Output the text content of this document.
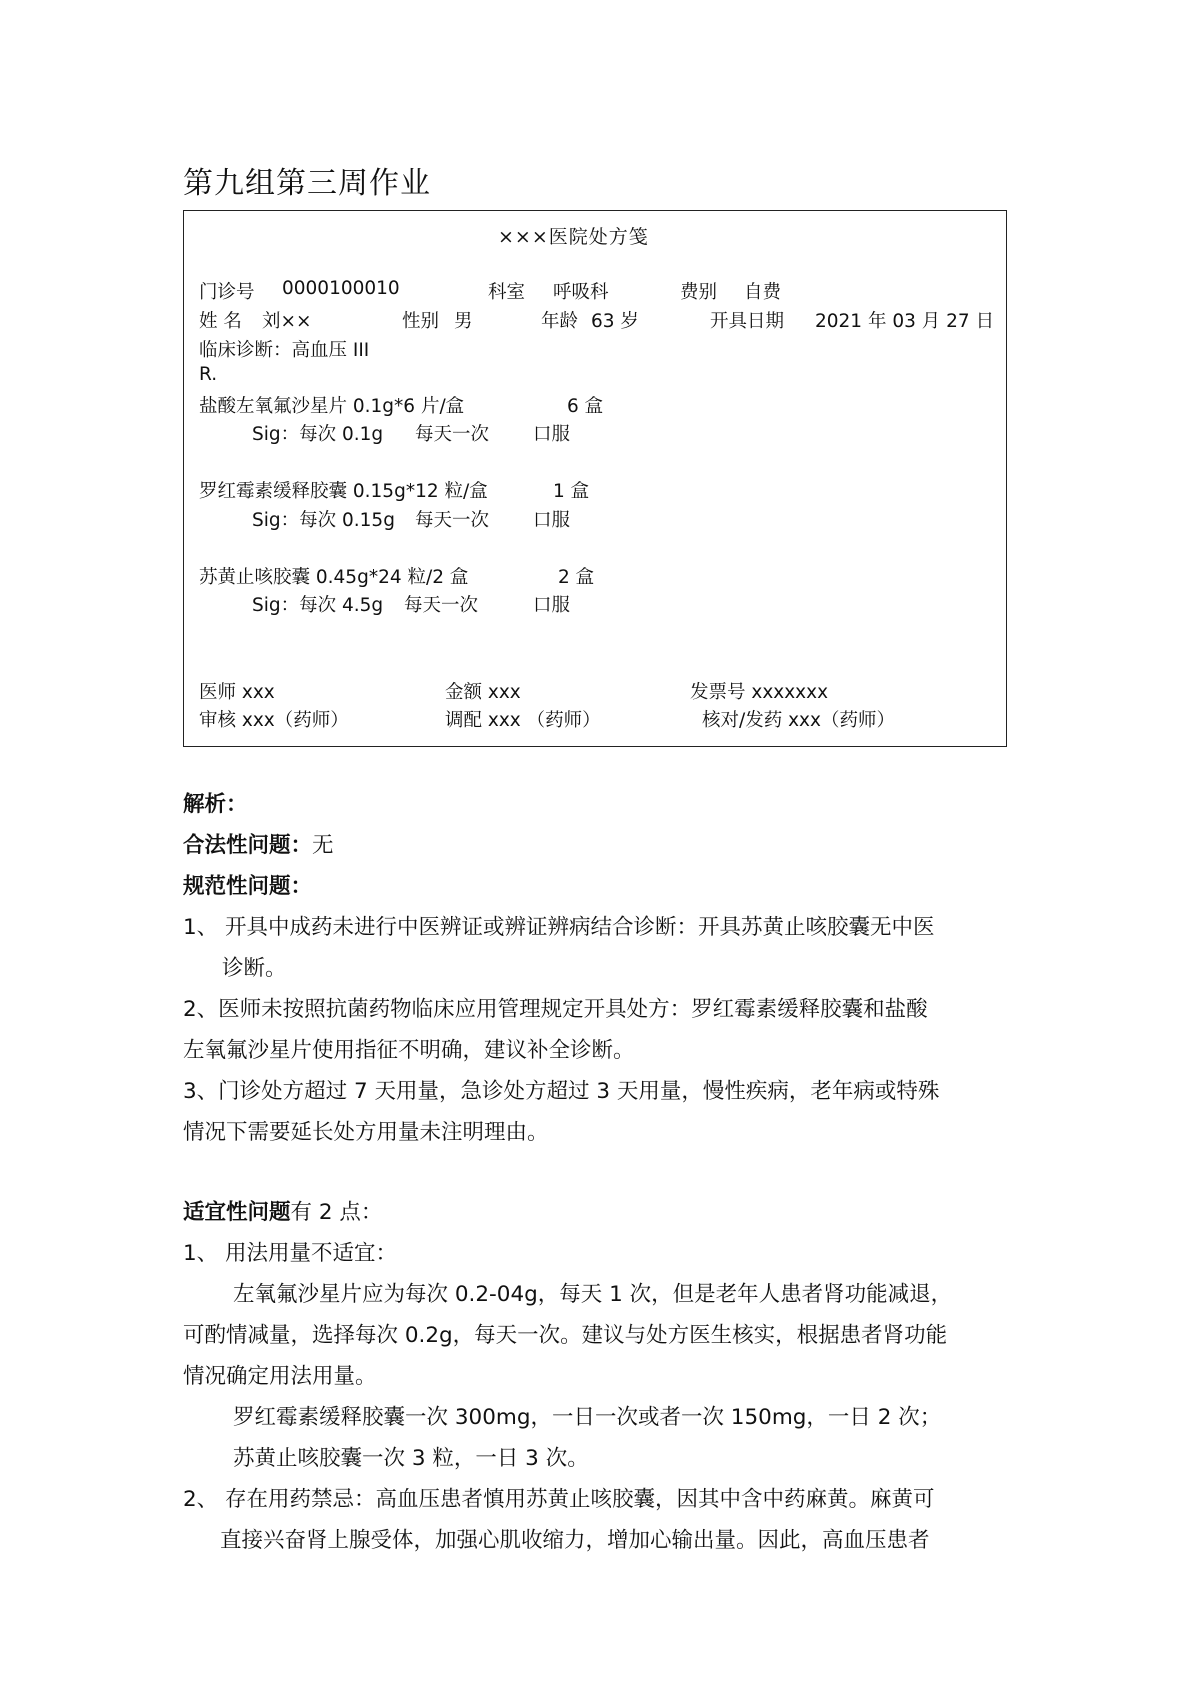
第九组第三周作业
×××医院处方笺
门诊号 0000100010	科室 呼吸科	费别 自费
姓 名 刘××	性别 男	年龄 63 岁	开具日期 2021 年 03 月 27 日
临床诊断：高血压 III
R.
盐酸左氧氟沙星片 0.1g*6 片/盒	6 盒
Sig：每次 0.1g 每天一次 口服
罗红霉素缓释胶囊 0.15g*12 粒/盒	1 盒
Sig：每次 0.15g 每天一次 口服
苏黄止咳胶囊 0.45g*24 粒/2 盒	2 盒
Sig：每次 4.5g 每天一次	口服
医师 xxx	金额 xxx	发票号 xxxxxxx
审核 xxx（药师）	调配 xxx （药师）	核对/发药 xxx（药师）
解析：
合法性问题：无
规范性问题：
1、 开具中成药未进行中医辨证或辨证辨病结合诊断：开具苏黄止咳胶囊无中医
诊断。
2、医师未按照抗菌药物临床应用管理规定开具处方：罗红霉素缓释胶囊和盐酸
左氧氟沙星片使用指征不明确，建议补全诊断。
3、门诊处方超过 7 天用量，急诊处方超过 3 天用量，慢性疾病，老年病或特殊
情况下需要延长处方用量未注明理由。
适宜性问题有 2 点：
1、 用法用量不适宜：
左氧氟沙星片应为每次 0.2-04g，每天 1 次，但是老年人患者肾功能减退，
可酌情减量，选择每次 0.2g，每天一次。建议与处方医生核实，根据患者肾功能
情况确定用法用量。
罗红霉素缓释胶囊一次 300mg，一日一次或者一次 150mg，一日 2 次；
苏黄止咳胶囊一次 3 粒，一日 3 次。
2、 存在用药禁忌：高血压患者慎用苏黄止咳胶囊，因其中含中药麻黄。麻黄可
直接兴奋肾上腺受体，加强心肌收缩力，增加心输出量。因此，高血压患者
